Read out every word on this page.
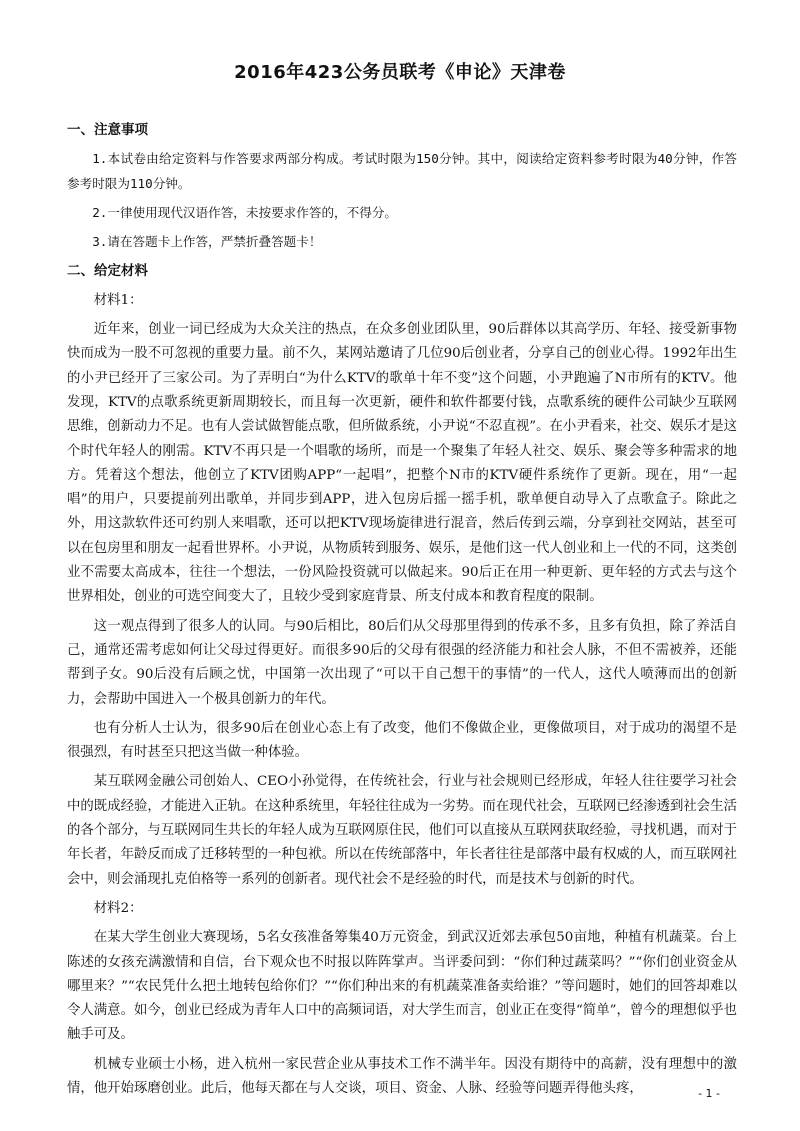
2016年423公务员联考《申论》天津卷
一、注意事项

1.本试卷由给定资料与作答要求两部分构成。考试时限为150分钟。其中，阅读给定资料参考时限为40分钟，作答参考时限为110分钟。

2.一律使用现代汉语作答，未按要求作答的，不得分。

3.请在答题卡上作答，严禁折叠答题卡！

二、给定材料

材料1：

近年来，创业一词已经成为大众关注的热点，在众多创业团队里，90后群体以其高学历、年轻、接受新事物快而成为一股不可忽视的重要力量。前不久，某网站邀请了几位90后创业者，分享自己的创业心得。1992年出生的小尹已经开了三家公司。为了弄明白“为什么KTV的歌单十年不变”这个问题，小尹跑遍了N市所有的KTV。他发现，KTV的点歌系统更新周期较长，而且每一次更新，硬件和软件都要付钱，点歌系统的硬件公司缺少互联网思维，创新动力不足。也有人尝试做智能点歌，但所做系统，小尹说“不忍直视”。在小尹看来，社交、娱乐才是这个时代年轻人的刚需。KTV不再只是一个唱歌的场所，而是一个聚集了年轻人社交、娱乐、聚会等多种需求的地方。凭着这个想法，他创立了KTV团购APP“一起唱”，把整个N市的KTV硬件系统作了更新。现在，用“一起唱”的用户，只要提前列出歌单，并同步到APP，进入包房后摇一摇手机，歌单便自动导入了点歌盒子。除此之外，用这款软件还可约别人来唱歌，还可以把KTV现场旋律进行混音，然后传到云端，分享到社交网站，甚至可以在包房里和朋友一起看世界杯。小尹说，从物质转到服务、娱乐，是他们这一代人创业和上一代的不同，这类创业不需要太高成本，往往一个想法，一份风险投资就可以做起来。90后正在用一种更新、更年轻的方式去与这个世界相处，创业的可选空间变大了，且较少受到家庭背景、所支付成本和教育程度的限制。

这一观点得到了很多人的认同。与90后相比，80后们从父母那里得到的传承不多，且多有负担，除了养活自己，通常还需考虑如何让父母过得更好。而很多90后的父母有很强的经济能力和社会人脉，不但不需被养，还能帮到子女。90后没有后顾之忧，中国第一次出现了“可以干自己想干的事情”的一代人，这代人喷薄而出的创新力，会帮助中国进入一个极具创新力的年代。

也有分析人士认为，很多90后在创业心态上有了改变，他们不像做企业，更像做项目，对于成功的渴望不是很强烈，有时甚至只把这当做一种体验。

某互联网金融公司创始人、CEO小孙觉得，在传统社会，行业与社会规则已经形成，年轻人往往要学习社会中的既成经验，才能进入正轨。在这种系统里，年轻往往成为一劣势。而在现代社会，互联网已经渗透到社会生活的各个部分，与互联网同生共长的年轻人成为互联网原住民，他们可以直接从互联网获取经验，寻找机遇，而对于年长者，年龄反而成了迁移转型的一种包袱。所以在传统部落中，年长者往往是部落中最有权威的人，而互联网社会中，则会涌现扎克伯格等一系列的创新者。现代社会不是经验的时代，而是技术与创新的时代。

材料2：

在某大学生创业大赛现场，5名女孩准备筹集40万元资金，到武汉近郊去承包50亩地，种植有机蔬菜。台上陈述的女孩充满激情和自信，台下观众也不时报以阵阵掌声。当评委问到：“你们种过蔬菜吗？”“你们创业资金从哪里来？”“农民凭什么把土地转包给你们？”“你们种出来的有机蔬菜准备卖给谁？”等问题时，她们的回答却难以令人满意。如今，创业已经成为青年人口中的高频词语，对大学生而言，创业正在变得“简单”，曾今的理想似乎也触手可及。

机械专业硕士小杨，进入杭州一家民营企业从事技术工作不满半年。因没有期待中的高薪，没有理想中的激情，他开始琢磨创业。此后，他每天都在与人交谈，项目、资金、人脉、经验等问题弄得他头疼，	- 1 -
